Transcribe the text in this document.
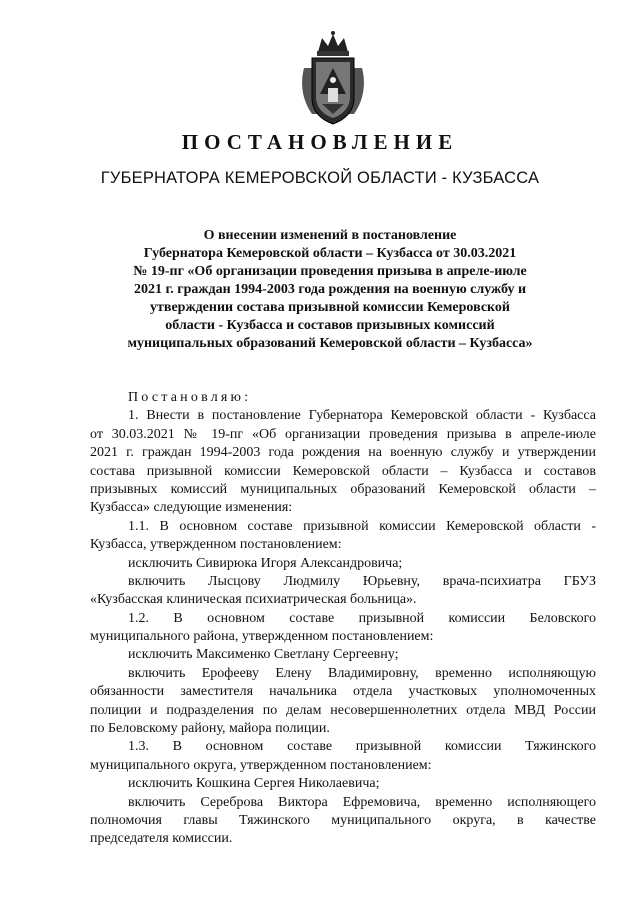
ПОСТАНОВЛЕНИЕ
ГУБЕРНАТОРА КЕМЕРОВСКОЙ ОБЛАСТИ - КУЗБАССА
О внесении изменений в постановление
Губернатора Кемеровской области – Кузбасса от 30.03.2021
№ 19-пг «Об организации проведения призыва в апреле-июле
2021 г. граждан 1994-2003 года рождения на военную службу и
утверждении состава призывной комиссии Кемеровской
области - Кузбасса и составов призывных комиссий
муниципальных образований Кемеровской области – Кузбасса»
Постановляю:
1. Внести в постановление Губернатора Кемеровской области - Кузбасса
от 30.03.2021 № 19-пг «Об организации проведения призыва в апреле-июле
2021 г. граждан 1994-2003 года рождения на военную службу и утверждении
состава призывной комиссии Кемеровской области – Кузбасса и составов
призывных комиссий муниципальных образований Кемеровской области –
Кузбасса» следующие изменения:
1.1. В основном составе призывной комиссии Кемеровской области -
Кузбасса, утвержденном постановлением:
исключить Сивирюка Игоря Александровича;
включить Лысцову Людмилу Юрьевну, врача-психиатра ГБУЗ
«Кузбасская клиническая психиатрическая больница».
1.2. В основном составе призывной комиссии Беловского
муниципального района, утвержденном постановлением:
исключить Максименко Светлану Сергеевну;
включить Ерофееву Елену Владимировну, временно исполняющую
обязанности заместителя начальника отдела участковых уполномоченных
полиции и подразделения по делам несовершеннолетних отдела МВД России
по Беловскому району, майора полиции.
1.3. В основном составе призывной комиссии Тяжинского
муниципального округа, утвержденном постановлением:
исключить Кошкина Сергея Николаевича;
включить Сереброва Виктора Ефремовича, временно исполняющего
полномочия главы Тяжинского муниципального округа, в качестве
председателя комиссии.
